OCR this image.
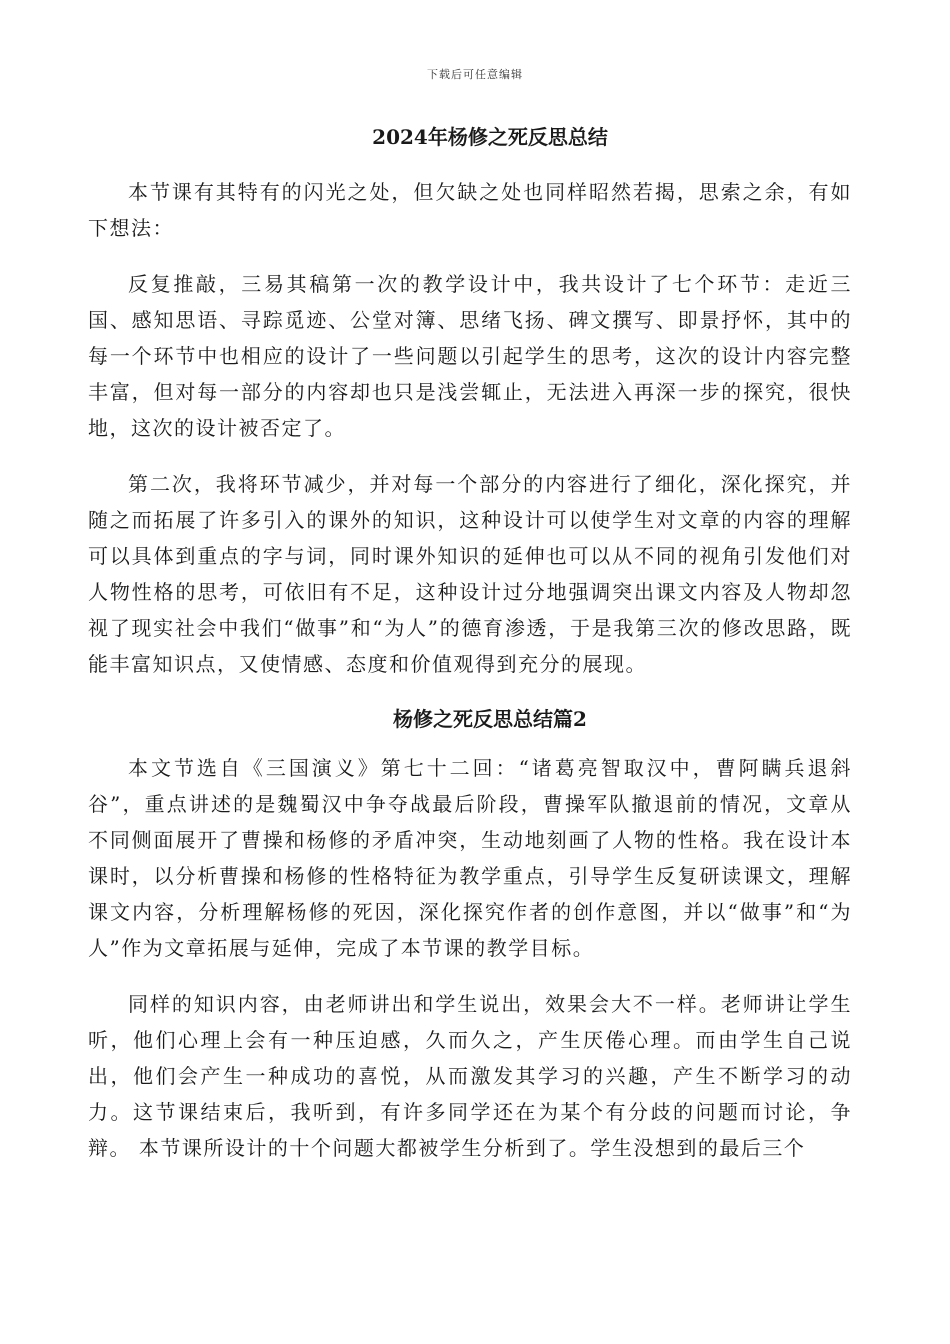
下载后可任意编辑
2024年杨修之死反思总结

本节课有其特有的闪光之处，但欠缺之处也同样昭然若揭，思索之余，有如下想法：

反复推敲，三易其稿第一次的教学设计中，我共设计了七个环节：走近三国、感知思语、寻踪觅迹、公堂对簿、思绪飞扬、碑文撰写、即景抒怀，其中的每一个环节中也相应的设计了一些问题以引起学生的思考，这次的设计内容完整丰富，但对每一部分的内容却也只是浅尝辄止，无法进入再深一步的探究，很快地，这次的设计被否定了。

第二次，我将环节减少，并对每一个部分的内容进行了细化，深化探究，并随之而拓展了许多引入的课外的知识，这种设计可以使学生对文章的内容的理解可以具体到重点的字与词，同时课外知识的延伸也可以从不同的视角引发他们对人物性格的思考，可依旧有不足，这种设计过分地强调突出课文内容及人物却忽视了现实社会中我们“做事”和“为人”的德育渗透，于是我第三次的修改思路，既能丰富知识点，又使情感、态度和价值观得到充分的展现。

杨修之死反思总结篇2

本文节选自《三国演义》第七十二回：“诸葛亮智取汉中，曹阿瞒兵退斜谷”，重点讲述的是魏蜀汉中争夺战最后阶段，曹操军队撤退前的情况，文章从不同侧面展开了曹操和杨修的矛盾冲突，生动地刻画了人物的性格。我在设计本课时，以分析曹操和杨修的性格特征为教学重点，引导学生反复研读课文，理解课文内容，分析理解杨修的死因，深化探究作者的创作意图，并以“做事”和“为人”作为文章拓展与延伸，完成了本节课的教学目标。

同样的知识内容，由老师讲出和学生说出，效果会大不一样。老师讲让学生听，他们心理上会有一种压迫感，久而久之，产生厌倦心理。而由学生自己说出，他们会产生一种成功的喜悦，从而激发其学习的兴趣，产生不断学习的动力。这节课结束后，我听到，有许多同学还在为某个有分歧的问题而讨论，争辩。 本节课所设计的十个问题大都被学生分析到了。学生没想到的最后三个
